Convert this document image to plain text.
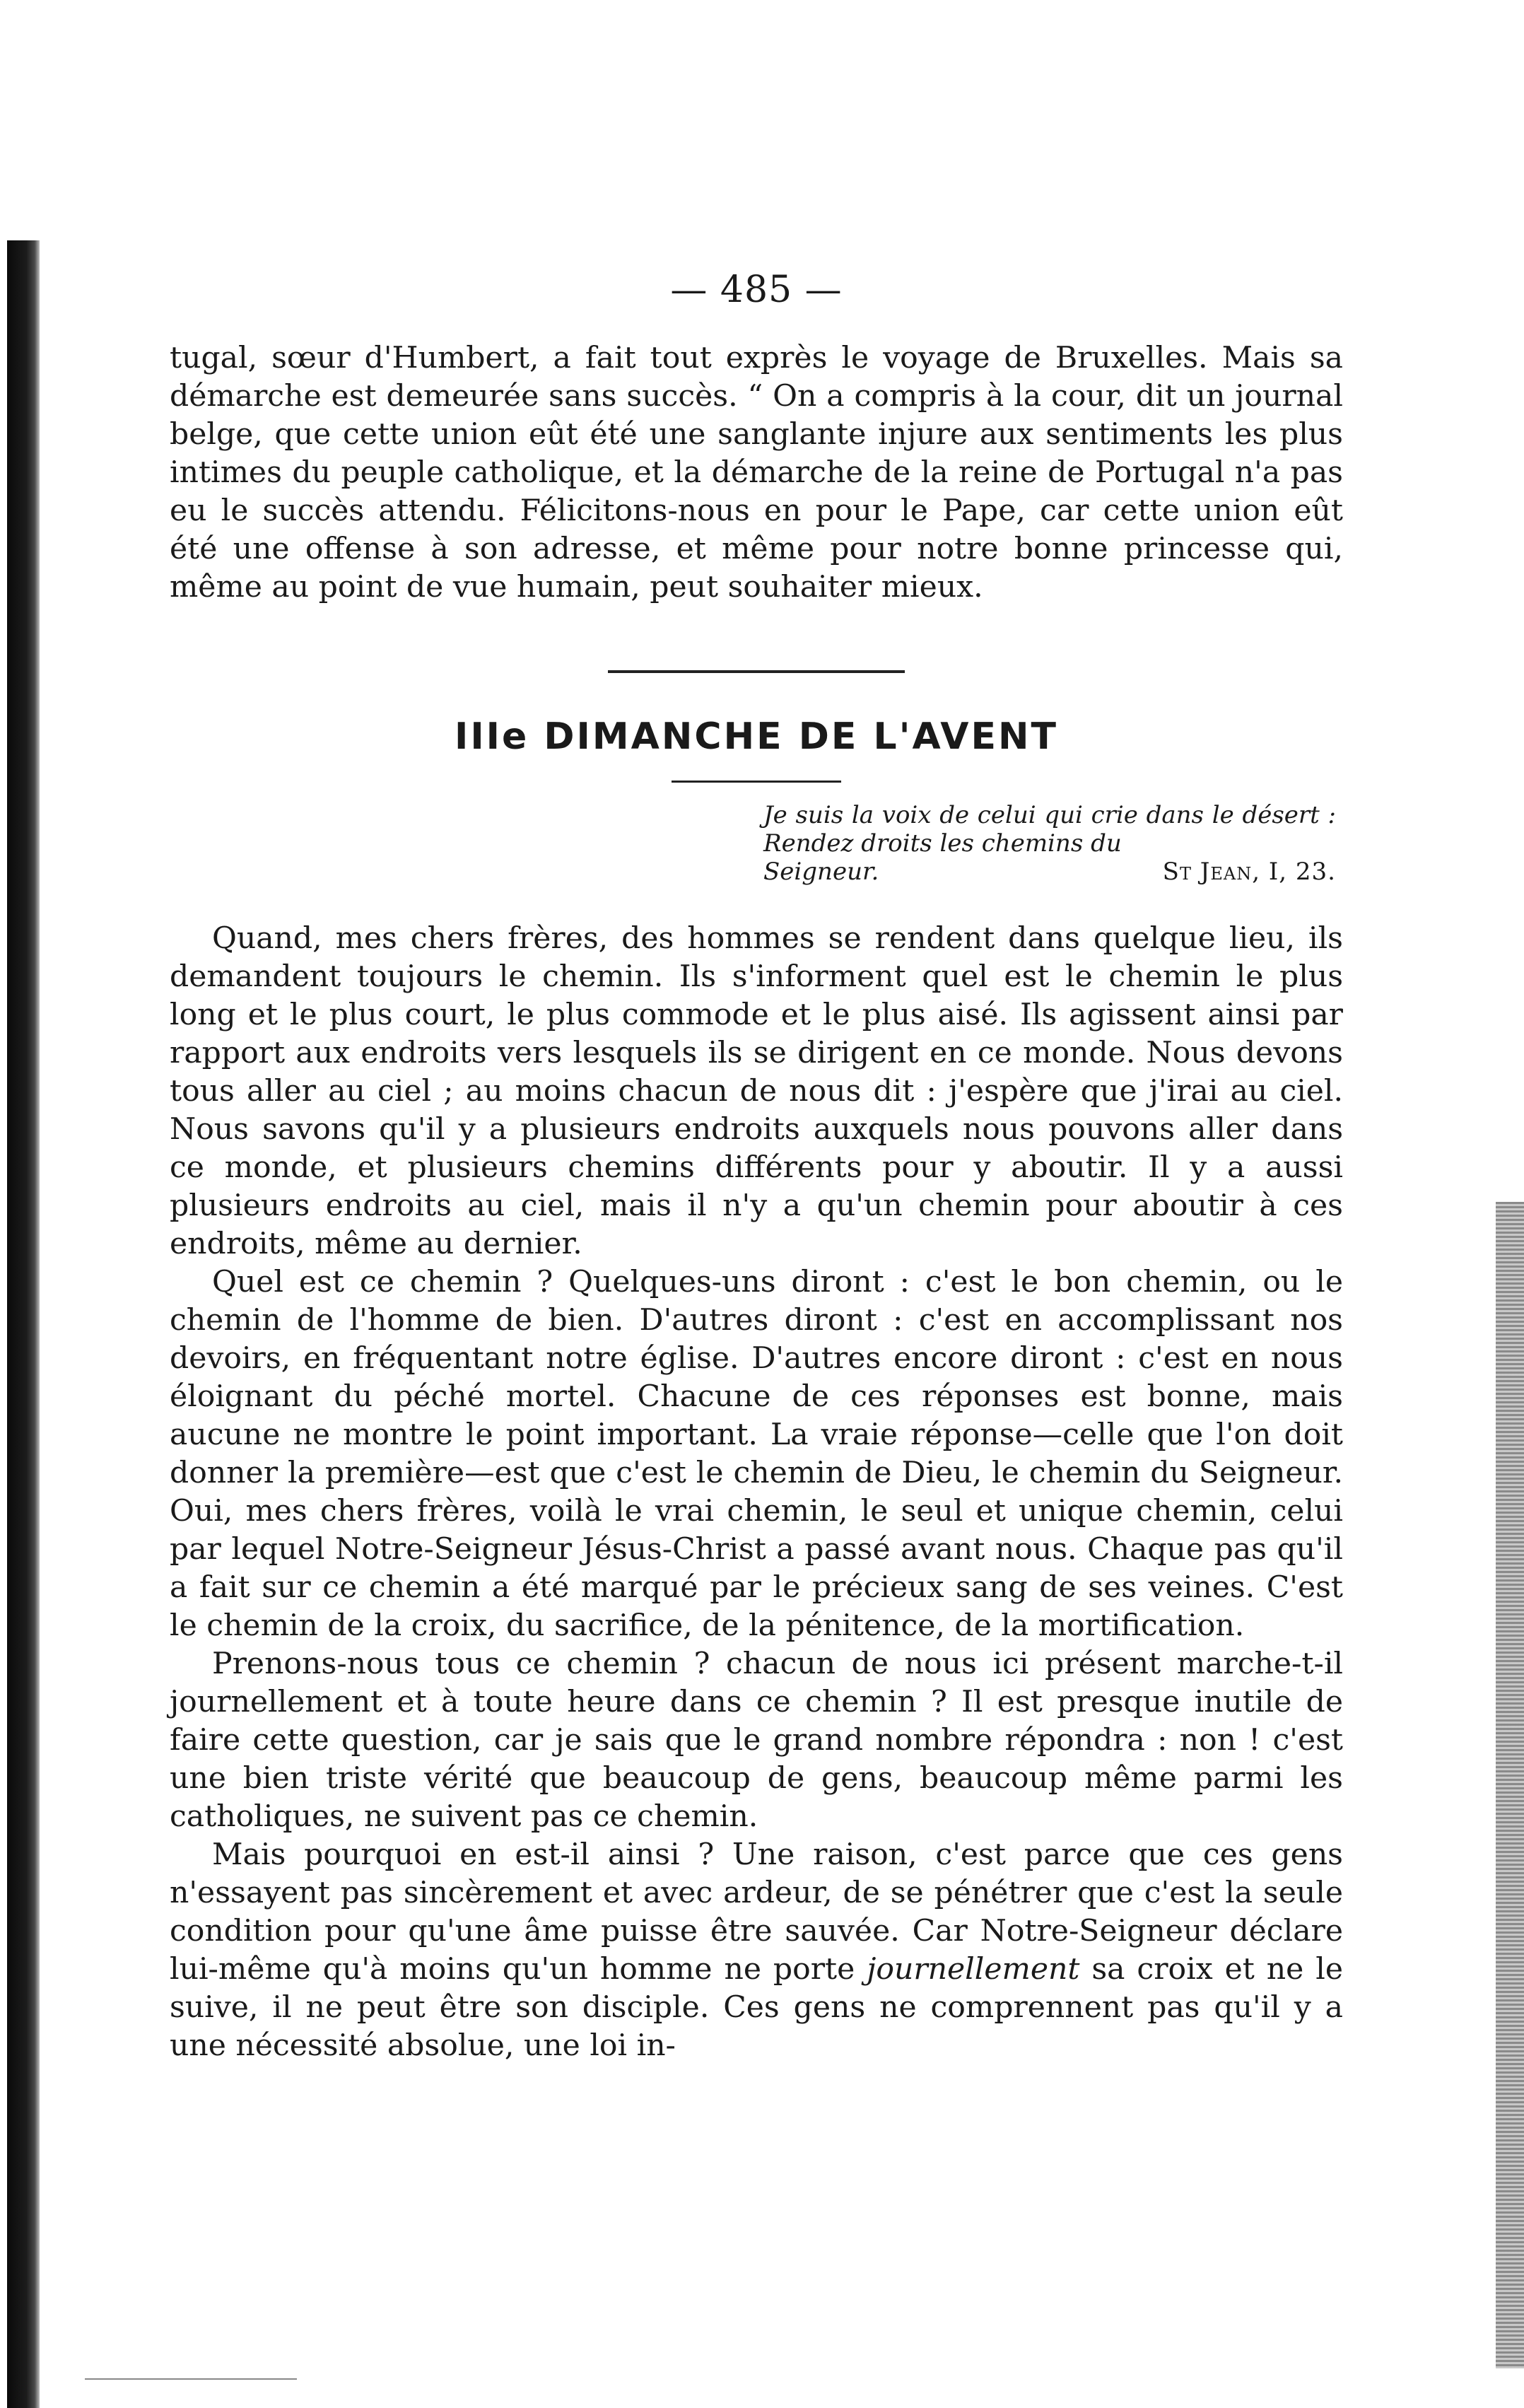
— 485 —

tugal, sœur d'Humbert, a fait tout exprès le voyage de Bruxelles. Mais sa démarche est demeurée sans succès. “ On a compris à la cour, dit un journal belge, que cette union eût été une sanglante injure aux sentiments les plus intimes du peuple catholique, et la démarche de la reine de Portugal n'a pas eu le succès attendu. Félicitons-nous en pour le Pape, car cette union eût été une offense à son adresse, et même pour notre bonne princesse qui, même au point de vue humain, peut souhaiter mieux.

IIIe DIMANCHE DE L'AVENT
Je suis la voix de celui qui crie dans le désert : Rendez droits les chemins du
Seigneur.	St Jean, I, 23.

Quand, mes chers frères, des hommes se rendent dans quelque lieu, ils demandent toujours le chemin. Ils s'informent quel est le chemin le plus long et le plus court, le plus commode et le plus aisé. Ils agissent ainsi par rapport aux endroits vers lesquels ils se dirigent en ce monde. Nous devons tous aller au ciel ; au moins chacun de nous dit : j'espère que j'irai au ciel. Nous savons qu'il y a plusieurs endroits auxquels nous pouvons aller dans ce monde, et plusieurs chemins différents pour y aboutir. Il y a aussi plusieurs endroits au ciel, mais il n'y a qu'un chemin pour aboutir à ces endroits, même au dernier.

Quel est ce chemin ? Quelques-uns diront : c'est le bon chemin, ou le chemin de l'homme de bien. D'autres diront : c'est en accomplissant nos devoirs, en fréquentant notre église. D'autres encore diront : c'est en nous éloignant du péché mortel. Chacune de ces réponses est bonne, mais aucune ne montre le point important. La vraie réponse—celle que l'on doit donner la première—est que c'est le chemin de Dieu, le chemin du Seigneur. Oui, mes chers frères, voilà le vrai chemin, le seul et unique chemin, celui par lequel Notre-Seigneur Jésus-Christ a passé avant nous. Chaque pas qu'il a fait sur ce chemin a été marqué par le précieux sang de ses veines. C'est le chemin de la croix, du sacrifice, de la pénitence, de la mortification.

Prenons-nous tous ce chemin ? chacun de nous ici présent marche-t-il journellement et à toute heure dans ce chemin ? Il est presque inutile de faire cette question, car je sais que le grand nombre répondra : non ! c'est une bien triste vérité que beaucoup de gens, beaucoup même parmi les catholiques, ne suivent pas ce chemin.

Mais pourquoi en est-il ainsi ? Une raison, c'est parce que ces gens n'essayent pas sincèrement et avec ardeur, de se pénétrer que c'est la seule condition pour qu'une âme puisse être sauvée. Car Notre-Seigneur déclare lui-même qu'à moins qu'un homme ne porte journellement sa croix et ne le suive, il ne peut être son disciple. Ces gens ne comprennent pas qu'il y a une nécessité absolue, une loi in-
